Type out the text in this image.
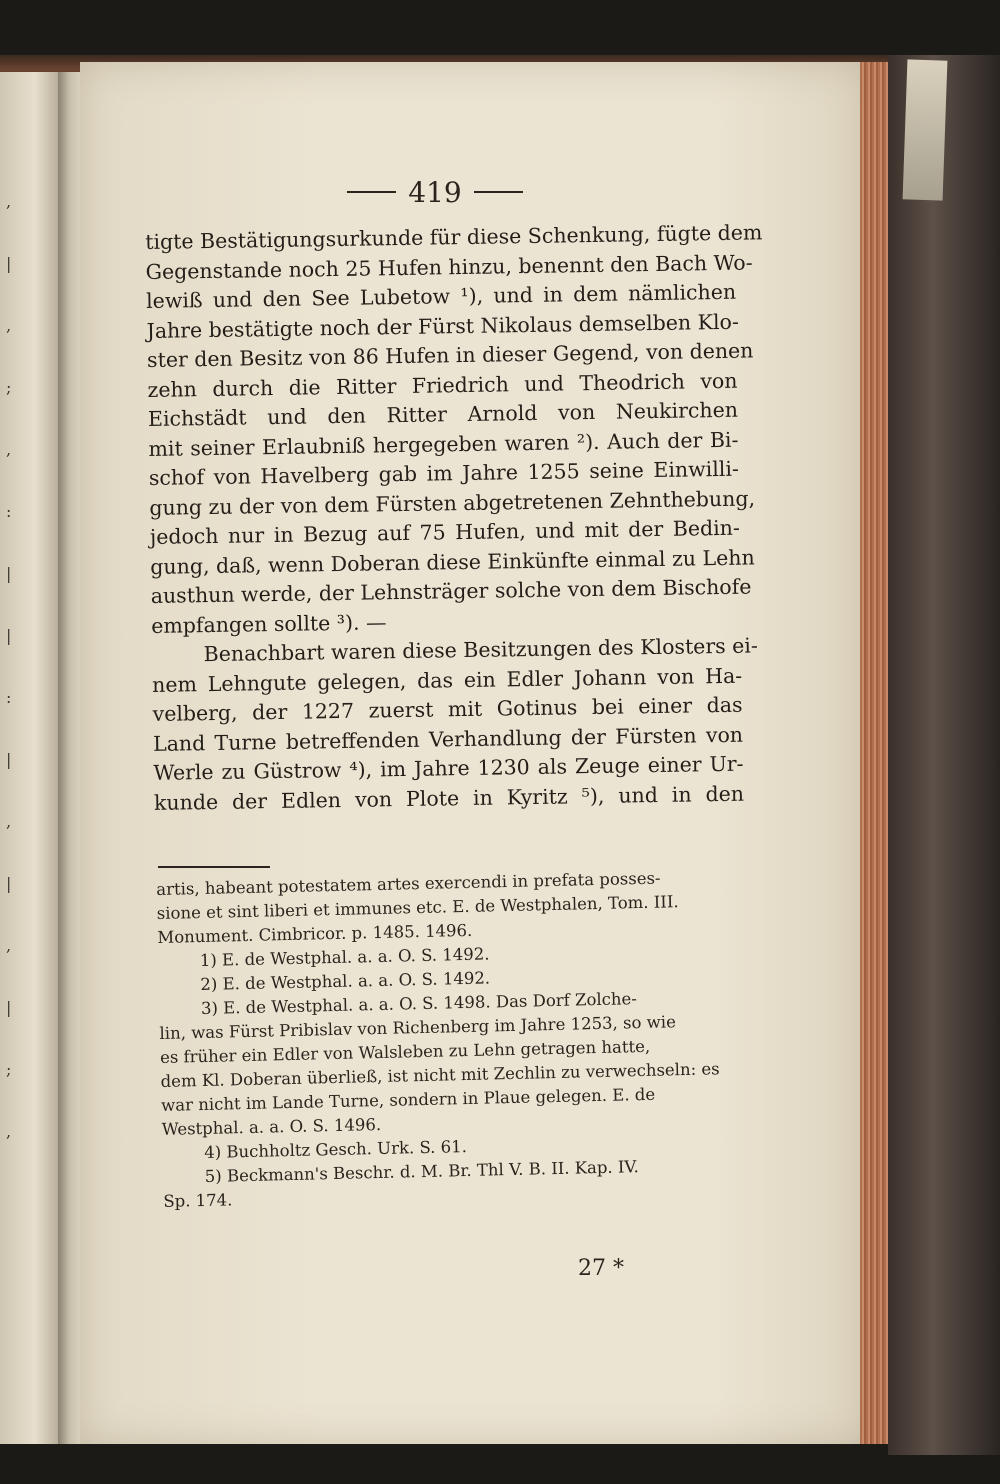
,
|
,
;
,
:
|
|
:
|
,
|
,
|
;
,
419
tigte Bestätigungsurkunde für diese Schenkung, fügte dem
Gegenstande noch 25 Hufen hinzu, benennt den Bach Wo-
lewiß und den See Lubetow ¹), und in dem nämlichen
Jahre bestätigte noch der Fürst Nikolaus demselben Klo-
ster den Besitz von 86 Hufen in dieser Gegend, von denen
zehn durch die Ritter Friedrich und Theodrich von
Eichstädt und den Ritter Arnold von Neukirchen
mit seiner Erlaubniß hergegeben waren ²). Auch der Bi-
schof von Havelberg gab im Jahre 1255 seine Einwilli-
gung zu der von dem Fürsten abgetretenen Zehnthebung,
jedoch nur in Bezug auf 75 Hufen, und mit der Bedin-
gung, daß, wenn Doberan diese Einkünfte einmal zu Lehn
austhun werde, der Lehnsträger solche von dem Bischofe
empfangen sollte ³). —
Benachbart waren diese Besitzungen des Klosters ei-
nem Lehngute gelegen, das ein Edler Johann von Ha-
velberg, der 1227 zuerst mit Gotinus bei einer das
Land Turne betreffenden Verhandlung der Fürsten von
Werle zu Güstrow ⁴), im Jahre 1230 als Zeuge einer Ur-
kunde der Edlen von Plote in Kyritz ⁵), und in den
artis, habeant potestatem artes exercendi in prefata posses-
sione et sint liberi et immunes etc. E. de Westphalen, Tom. III.
Monument. Cimbricor. p. 1485. 1496.
1) E. de Westphal. a. a. O. S. 1492.
2) E. de Westphal. a. a. O. S. 1492.
3) E. de Westphal. a. a. O. S. 1498. Das Dorf Zolche-
lin, was Fürst Pribislav von Richenberg im Jahre 1253, so wie
es früher ein Edler von Walsleben zu Lehn getragen hatte,
dem Kl. Doberan überließ, ist nicht mit Zechlin zu verwechseln: es
war nicht im Lande Turne, sondern in Plaue gelegen. E. de
Westphal. a. a. O. S. 1496.
4) Buchholtz Gesch. Urk. S. 61.
5) Beckmann's Beschr. d. M. Br. Thl V. B. II. Kap. IV.
Sp. 174.
27 *
